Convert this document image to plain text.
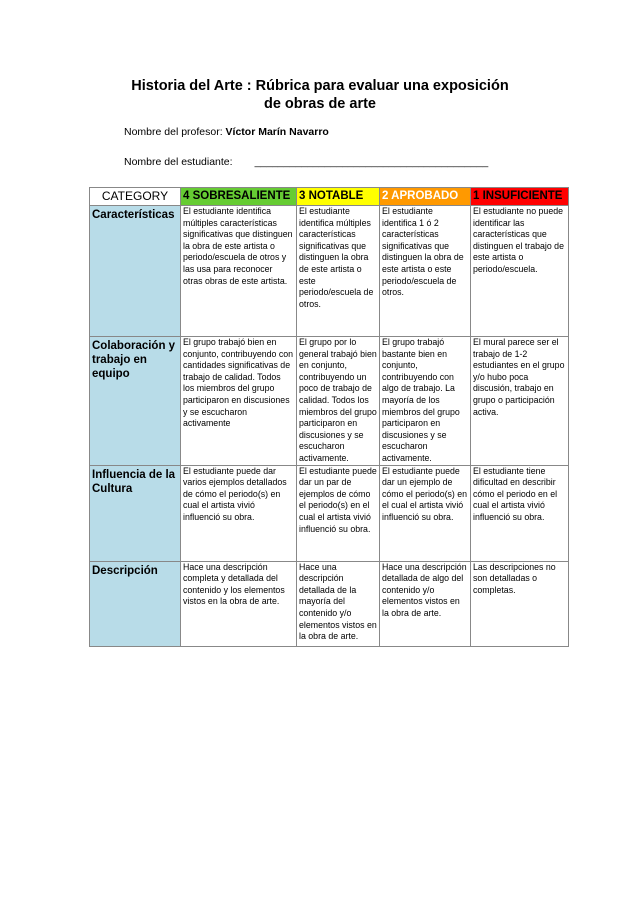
Historia del Arte : Rúbrica para evaluar una exposición
de obras de arte
Nombre del profesor: Víctor Marín Navarro
Nombre del estudiante: ________________________________________
CATEGORY	4 SOBRESALIENTE	3 NOTABLE	2 APROBADO	1 INSUFICIENTE
Características	El estudiante identifica múltiples características significativas que distinguen la obra de este artista o periodo/escuela de otros y las usa para reconocer otras obras de este artista.	El estudiante identifica múltiples características significativas que distinguen la obra de este artista o este periodo/escuela de otros.	El estudiante identifica 1 ó 2 características significativas que distinguen la obra de este artista o este periodo/escuela de otros.	El estudiante no puede identificar las características que distinguen el trabajo de este artista o periodo/escuela.
Colaboración y trabajo en equipo	El grupo trabajó bien en conjunto, contribuyendo con cantidades significativas de trabajo de calidad. Todos los miembros del grupo participaron en discusiones y se escucharon activamente	El grupo por lo general trabajó bien en conjunto, contribuyendo un poco de trabajo de calidad. Todos los miembros del grupo participaron en discusiones y se escucharon activamente.	El grupo trabajó bastante bien en conjunto, contribuyendo con algo de trabajo. La mayoría de los miembros del grupo participaron en discusiones y se escucharon activamente.	El mural parece ser el trabajo de 1-2 estudiantes en el grupo y/o hubo poca discusión, trabajo en grupo o participación activa.
Influencia de la Cultura	El estudiante puede dar varios ejemplos detallados de cómo el periodo(s) en cual el artista vivió influenció su obra.	El estudiante puede dar un par de ejemplos de cómo el periodo(s) en el cual el artista vivió influenció su obra.	El estudiante puede dar un ejemplo de cómo el periodo(s) en el cual el artista vivió influenció su obra.	El estudiante tiene dificultad en describir cómo el periodo en el cual el artista vivió influenció su obra.
Descripción	Hace una descripción completa y detallada del contenido y los elementos vistos en la obra de arte.	Hace una descripción detallada de la mayoría del contenido y/o elementos vistos en la obra de arte.	Hace una descripción detallada de algo del contenido y/o elementos vistos en la obra de arte.	Las descripciones no son detalladas o completas.
